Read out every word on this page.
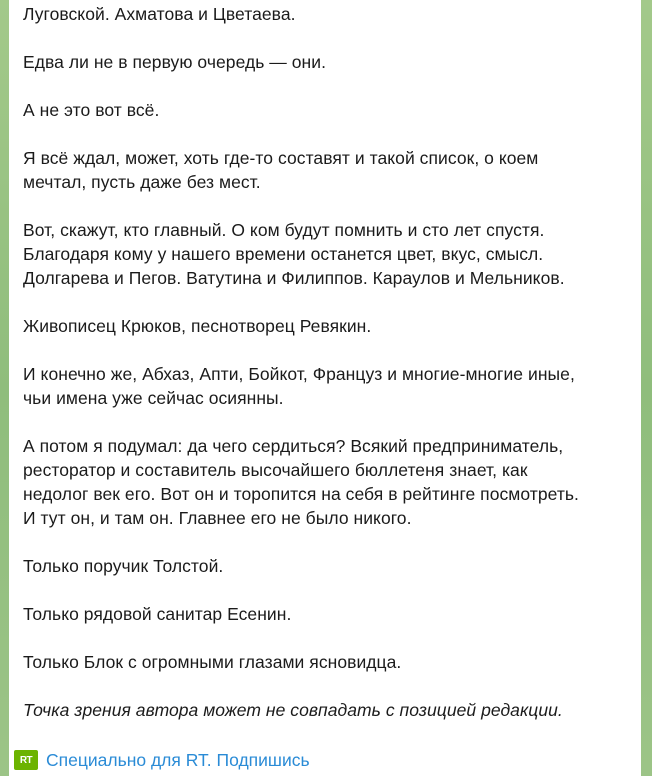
Луговской. Ахматова и Цветаева.

Едва ли не в первую очередь — они.

А не это вот всё.

Я всё ждал, может, хоть где-то составят и такой список, о коем
мечтал, пусть даже без мест.

Вот, скажут, кто главный. О ком будут помнить и сто лет спустя.
Благодаря кому у нашего времени останется цвет, вкус, смысл.
Долгарева и Пегов. Ватутина и Филиппов. Караулов и Мельников.

Живописец Крюков, песнотворец Ревякин.

И конечно же, Абхаз, Апти, Бойкот, Француз и многие-многие иные,
чьи имена уже сейчас осиянны.

А потом я подумал: да чего сердиться? Всякий предприниматель,
ресторатор и составитель высочайшего бюллетеня знает, как
недолог век его. Вот он и торопится на себя в рейтинге посмотреть.
И тут он, и там он. Главнее его не было никого.

Только поручик Толстой.

Только рядовой санитар Есенин.

Только Блок с огромными глазами ясновидца.

Точка зрения автора может не совпадать с позицией редакции.

RT Специально для RT. Подпишись
